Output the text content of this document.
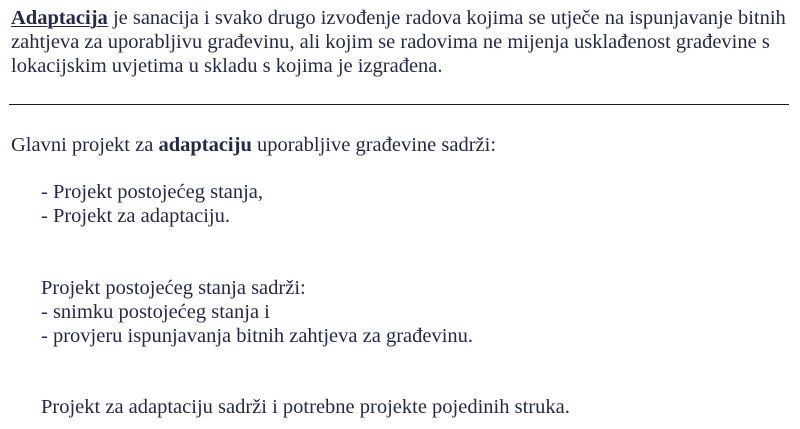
Adaptacija je sanacija i svako drugo izvođenje radova kojima se utječe na ispunjavanje bitnih
zahtjeva za uporabljivu građevinu, ali kojim se radovima ne mijenja usklađenost građevine s
lokacijskim uvjetima u skladu s kojima je izgrađena.

Glavni projekt za adaptaciju uporabljive građevine sadrži:

- Projekt postojećeg stanja,

- Projekt za adaptaciju.

Projekt postojećeg stanja sadrži:

- snimku postojećeg stanja i

- provjeru ispunjavanja bitnih zahtjeva za građevinu.

Projekt za adaptaciju sadrži i potrebne projekte pojedinih struka.
